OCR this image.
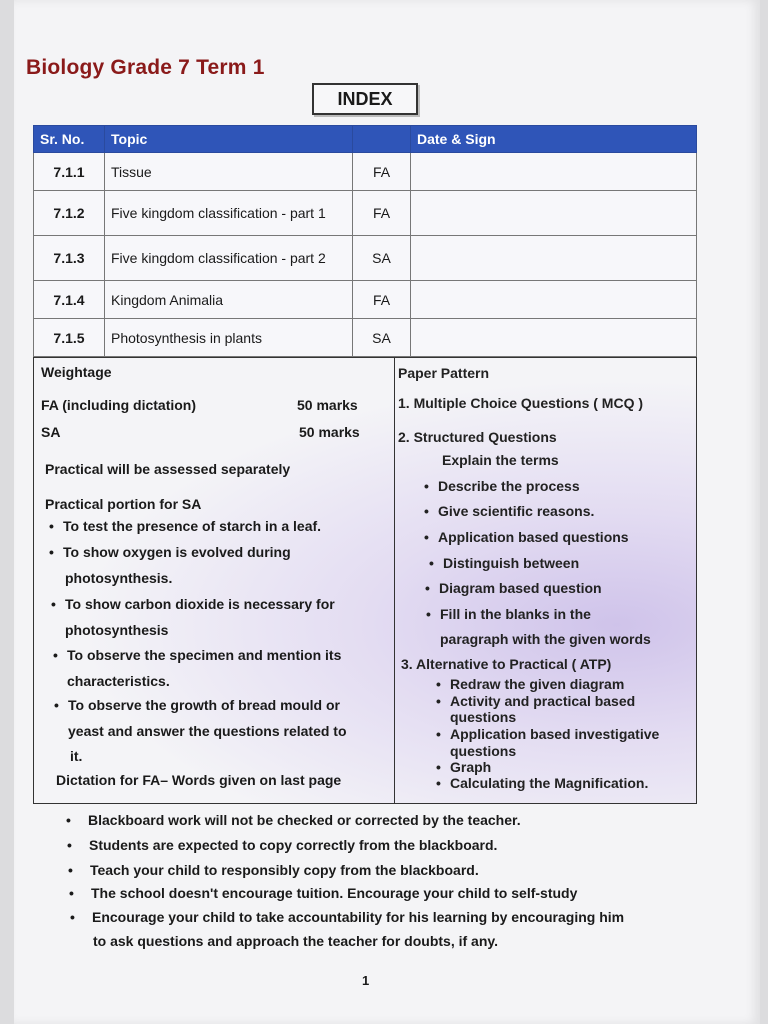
Biology Grade 7 Term 1
INDEX
Sr. No.	Topic		Date & Sign
7.1.1	Tissue	FA	
7.1.2	Five kingdom classification - part 1	FA	
7.1.3	Five kingdom classification - part 2	SA	
7.1.4	Kingdom Animalia	FA	
7.1.5	Photosynthesis in plants	SA	
Weightage
FA (including dictation)	50 marks
SA	50 marks
Practical will be assessed separately
Practical portion for SA
• To test the presence of starch in a leaf.
• To show oxygen is evolved during
photosynthesis.
• To show carbon dioxide is necessary for
photosynthesis
• To observe the specimen and mention its
characteristics.
• To observe the growth of bread mould or
yeast and answer the questions related to
it.
Dictation for FA– Words given on last page
Paper Pattern
1. Multiple Choice Questions ( MCQ )
2. Structured Questions
Explain the terms
• Describe the process
• Give scientific reasons.
• Application based questions
• Distinguish between
• Diagram based question
• Fill in the blanks in the
paragraph with the given words
3. Alternative to Practical ( ATP)
• Redraw the given diagram
• Activity and practical based
questions
• Application based investigative
questions
• Graph
• Calculating the Magnification.
• Blackboard work will not be checked or corrected by the teacher.
• Students are expected to copy correctly from the blackboard.
• Teach your child to responsibly copy from the blackboard.
• The school doesn't encourage tuition. Encourage your child to self-study
• Encourage your child to take accountability for his learning by encouraging him
to ask questions and approach the teacher for doubts, if any.
1
